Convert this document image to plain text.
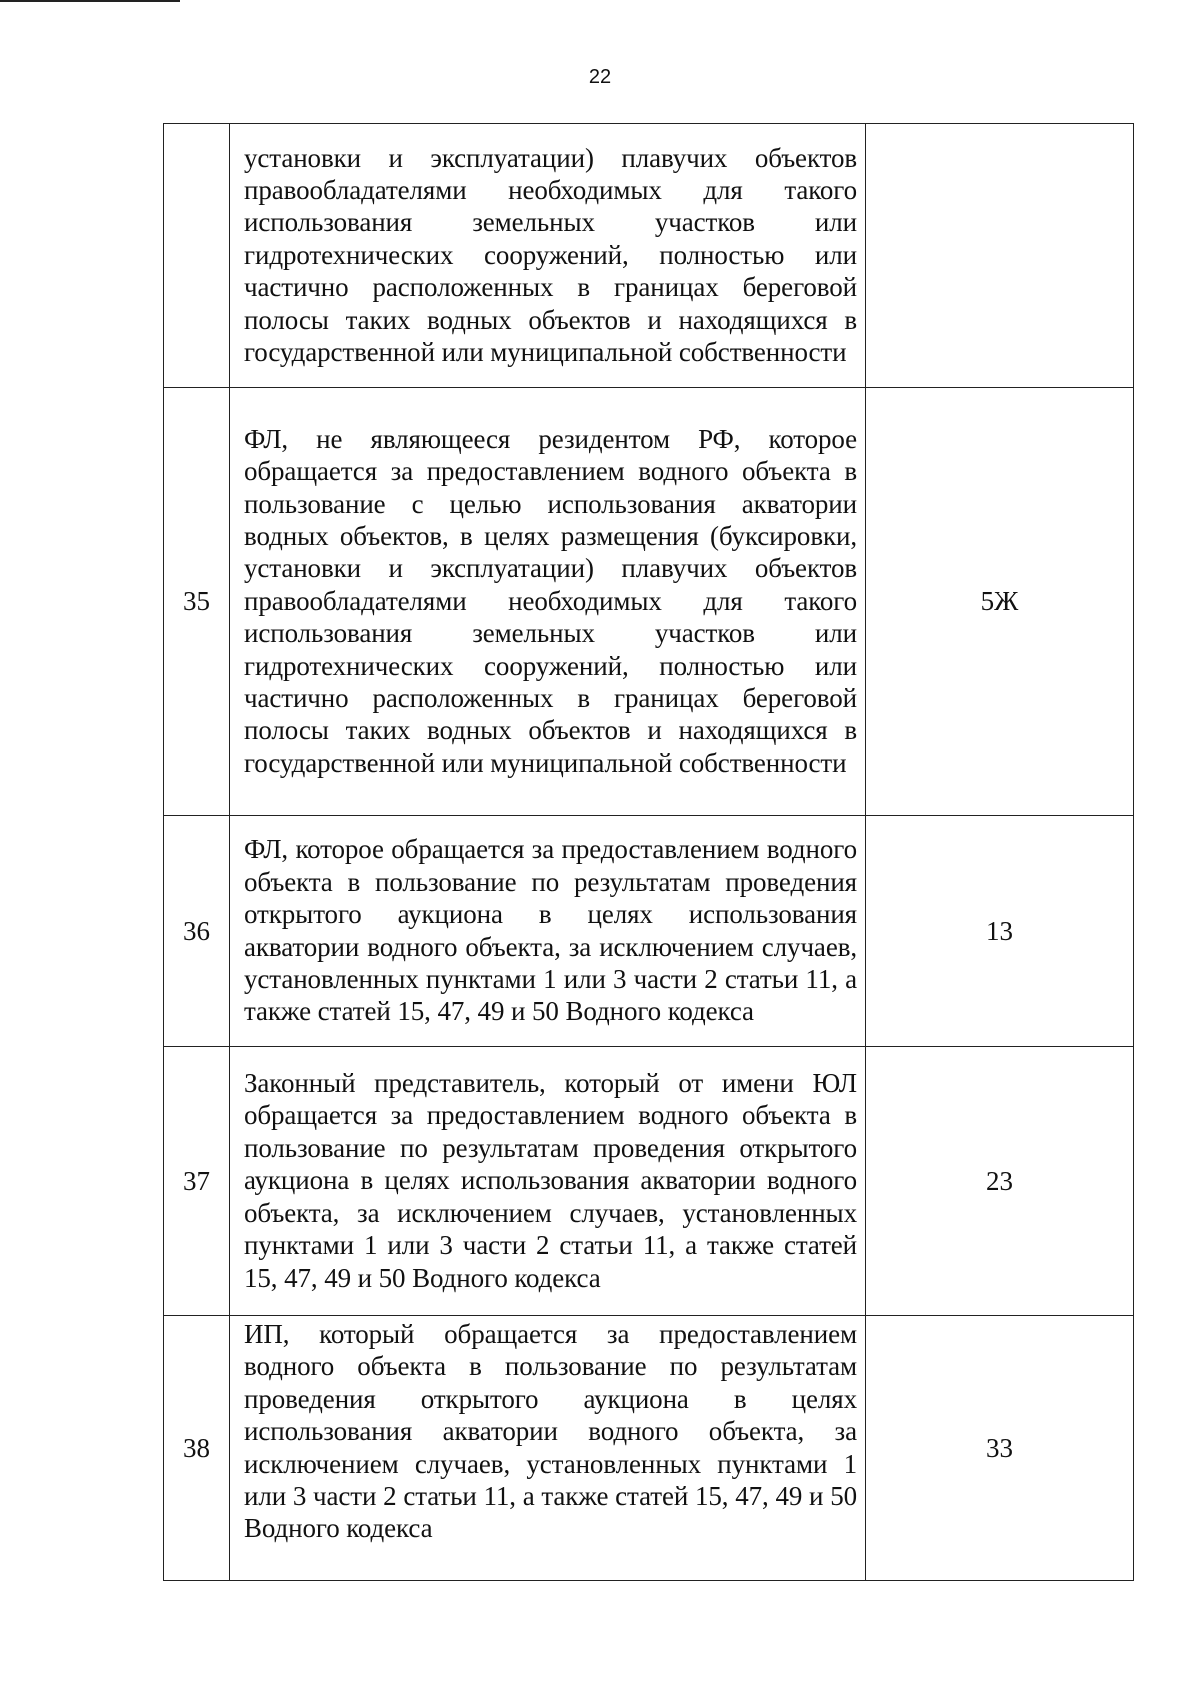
22
	установки и эксплуатации) плавучих объектов правообладателями необходимых для такого использования земельных участков или гидротехнических сооружений, полностью или частично расположенных в границах береговой полосы таких водных объектов и находящихся в государственной или муниципальной собственности	
35	ФЛ, не являющееся резидентом РФ, которое обращается за предоставлением водного объекта в пользование с целью использования акватории водных объектов, в целях размещения (буксировки, установки и эксплуатации) плавучих объектов правообладателями необходимых для такого использования земельных участков или гидротехнических сооружений, полностью или частично расположенных в границах береговой полосы таких водных объектов и находящихся в государственной или муниципальной собственности	5Ж
36	ФЛ, которое обращается за предоставлением водного объекта в пользование по результатам проведения открытого аукциона в целях использования акватории водного объекта, за исключением случаев, установленных пунктами 1 или 3 части 2 статьи 11, а также статей 15, 47, 49 и 50 Водного кодекса	13
37	Законный представитель, который от имени ЮЛ обращается за предоставлением водного объекта в пользование по результатам проведения открытого аукциона в целях использования акватории водного объекта, за исключением случаев, установленных пунктами 1 или 3 части 2 статьи 11, а также статей 15, 47, 49 и 50 Водного кодекса	23
38	ИП, который обращается за предоставлением водного объекта в пользование по результатам проведения открытого аукциона в целях использования акватории водного объекта, за исключением случаев, установленных пунктами 1 или 3 части 2 статьи 11, а также статей 15, 47, 49 и 50 Водного кодекса	33
